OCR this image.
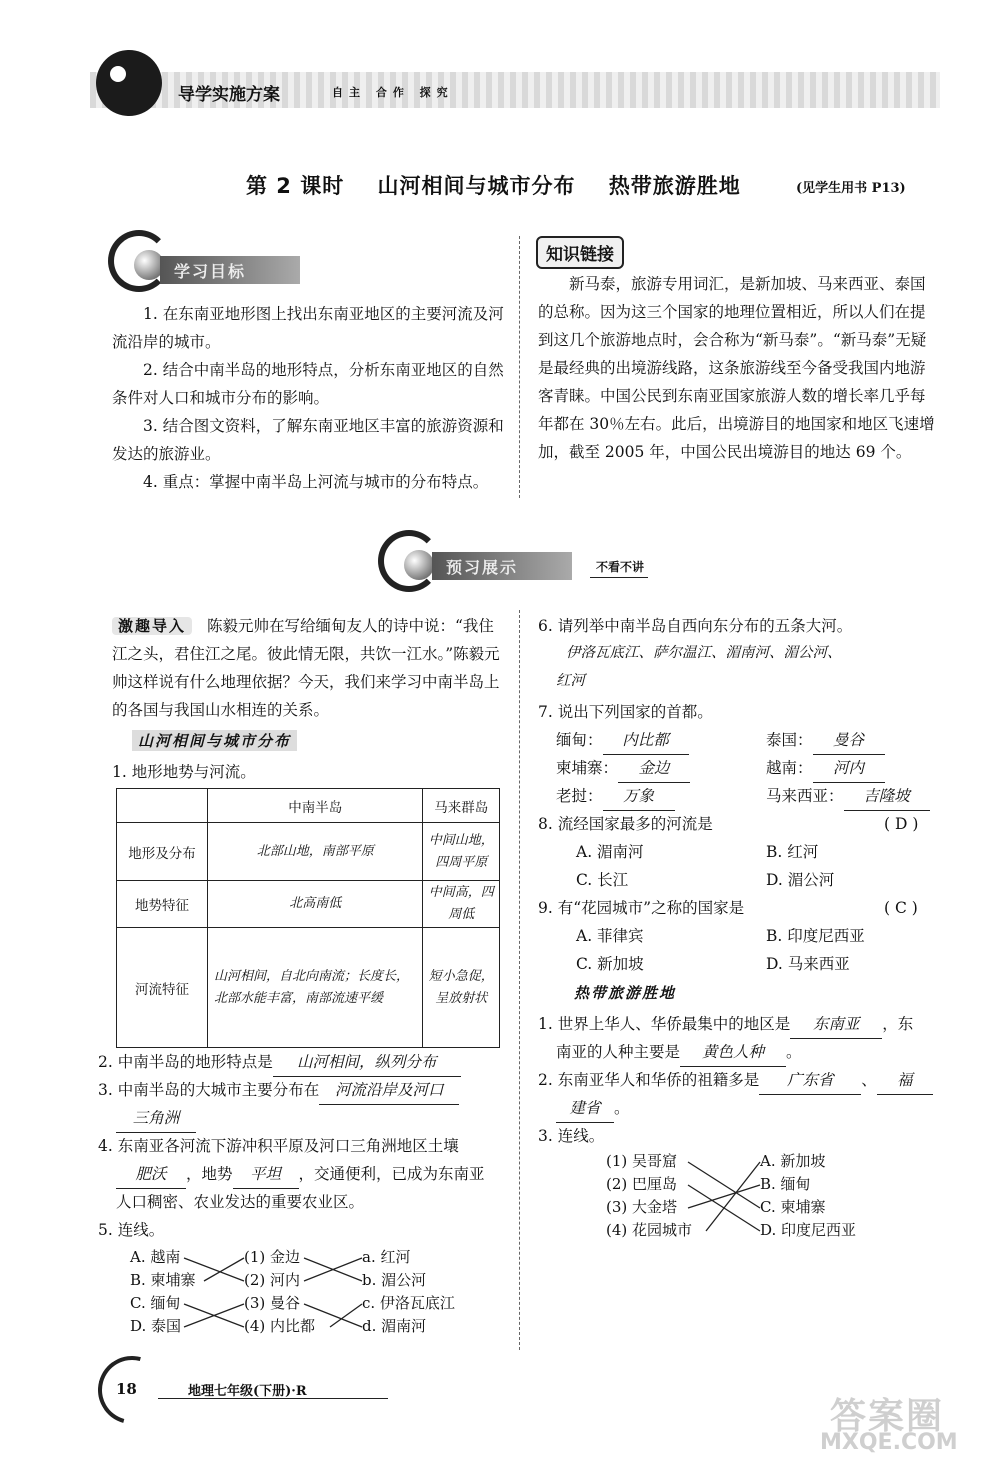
导学实施方案	自主 合作 探究
第 2 课时    山河相间与城市分布    热带旅游胜地	(见学生用书 P13)
学习目标

1. 在东南亚地形图上找出东南亚地区的主要河流及河流沿岸的城市。

2. 结合中南半岛的地形特点，分析东南亚地区的自然条件对人口和城市分布的影响。

3. 结合图文资料，了解东南亚地区丰富的旅游资源和发达的旅游业。

4. 重点：掌握中南半岛上河流与城市的分布特点。

知识链接

新马泰，旅游专用词汇，是新加坡、马来西亚、泰国的总称。因为这三个国家的地理位置相近，所以人们在提到这几个旅游地点时，会合称为“新马泰”。“新马泰”无疑是最经典的出境游线路，这条旅游线至今备受我国内地游客青睐。中国公民到东南亚国家旅游人数的增长率几乎每年都在 30％左右。此后，出境游目的地国家和地区飞速增加，截至 2005 年，中国公民出境游目的地达 69 个。

预习展示	不看不讲

激趣导入 陈毅元帅在写给缅甸友人的诗中说：“我住江之头，君住江之尾。彼此情无限，共饮一江水。”陈毅元帅这样说有什么地理依据？今天，我们来学习中南半岛上的各国与我国山水相连的关系。

山河相间与城市分布
1. 地形地势与河流。
	中南半岛	马来群岛
地形及分布	北部山地，南部平原	中间山地，四周平原
地势特征	北高南低	中间高，四周低
河流特征	山河相间，自北向南流；长度长，北部水能丰富，南部流速平缓	短小急促，呈放射状
2. 中南半岛的地形特点是 山河相间，纵列分布
3. 中南半岛的大城市主要分布在 河流沿岸及河口
三角洲
4. 东南亚各河流下游冲积平原及河口三角洲地区土壤
肥沃 ，地势 平坦 ，交通便利，已成为东南亚
人口稠密、农业发达的重要农业区。
5. 连线。
A. 越南
B. 柬埔寨
C. 缅甸
D. 泰国
(1) 金边
(2) 河内
(3) 曼谷
(4) 内比都
a. 红河
b. 湄公河
c. 伊洛瓦底江
d. 湄南河
6. 请列举中南半岛自西向东分布的五条大河。
伊洛瓦底江、萨尔温江、湄南河、湄公河、
红河
7. 说出下列国家的首都。
缅甸： 内比都	泰国： 曼谷
柬埔寨： 金边	越南： 河内
老挝： 万象	马来西亚： 吉隆坡
8. 流经国家最多的河流是	( D )
A. 湄南河	B. 红河
C. 长江	D. 湄公河
9. 有“花园城市”之称的国家是	( C )
A. 菲律宾	B. 印度尼西亚
C. 新加坡	D. 马来西亚
热带旅游胜地
1. 世界上华人、华侨最集中的地区是 东南亚 ，东
南亚的人种主要是 黄色人种 。
2. 东南亚华人和华侨的祖籍多是 广东省 、 福
建省 。
3. 连线。
(1) 吴哥窟
(2) 巴厘岛
(3) 大金塔
(4) 花园城市
A. 新加坡
B. 缅甸
C. 柬埔寨
D. 印度尼西亚
18	地理七年级(下册)·R
答案圈
MXQE.COM
